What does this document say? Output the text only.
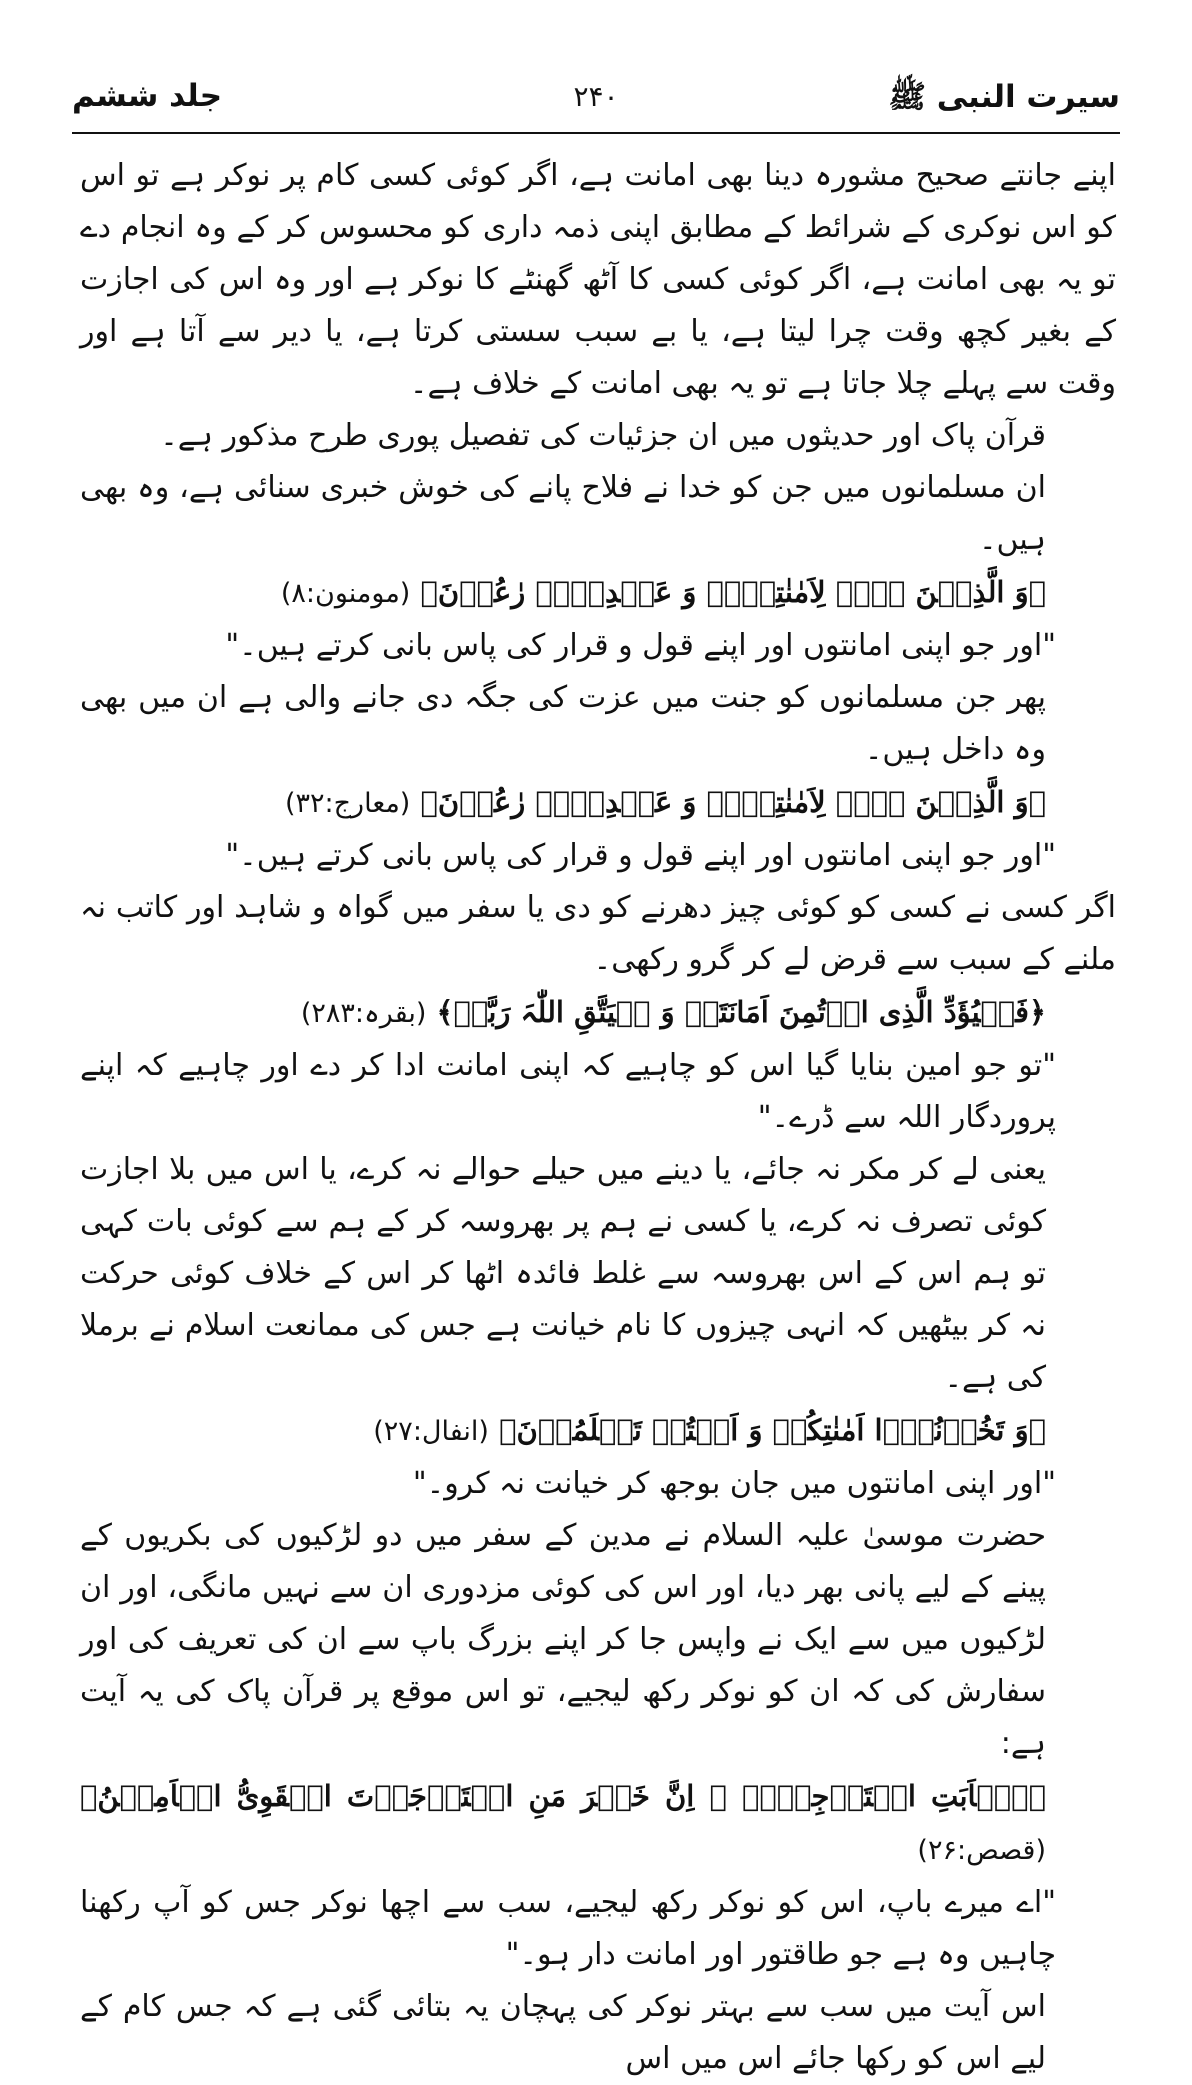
سیرت النبی ﷺ
۲۴۰
جلد ششم

اپنے جانتے صحیح مشورہ دینا بھی امانت ہے، اگر کوئی کسی کام پر نوکر ہے تو اس کو اس نوکری کے شرائط کے مطابق اپنی ذمہ داری کو محسوس کر کے وہ انجام دے تو یہ بھی امانت ہے، اگر کوئی کسی کا آٹھ گھنٹے کا نوکر ہے اور وہ اس کی اجازت کے بغیر کچھ وقت چرا لیتا ہے، یا بے سبب سستی کرتا ہے، یا دیر سے آتا ہے اور وقت سے پہلے چلا جاتا ہے تو یہ بھی امانت کے خلاف ہے۔

قرآن پاک اور حدیثوں میں ان جزئیات کی تفصیل پوری طرح مذکور ہے۔

ان مسلمانوں میں جن کو خدا نے فلاح پانے کی خوش خبری سنائی ہے، وہ بھی ہیں۔

﴿وَ الَّذِیۡنَ ہُمۡ لِاَمٰنٰتِہِمۡ وَ عَہۡدِہِمۡ رٰعُوۡنَ﴾ (مومنون:۸)

"اور جو اپنی امانتوں اور اپنے قول و قرار کی پاس بانی کرتے ہیں۔"

پھر جن مسلمانوں کو جنت میں عزت کی جگہ دی جانے والی ہے ان میں بھی وہ داخل ہیں۔

﴿وَ الَّذِیۡنَ ہُمۡ لِاَمٰنٰتِہِمۡ وَ عَہۡدِہِمۡ رٰعُوۡنَ﴾ (معارج:۳۲)

"اور جو اپنی امانتوں اور اپنے قول و قرار کی پاس بانی کرتے ہیں۔"

اگر کسی نے کسی کو کوئی چیز دھرنے کو دی یا سفر میں گواہ و شاہد اور کاتب نہ ملنے کے سبب سے قرض لے کر گرو رکھی۔

﴿فَلۡیُؤَدِّ الَّذِی اؤۡتُمِنَ اَمَانَتَہٗ وَ لۡیَتَّقِ اللّٰہَ رَبَّہٗ﴾ (بقرہ:۲۸۳)

"تو جو امین بنایا گیا اس کو چاہیے کہ اپنی امانت ادا کر دے اور چاہیے کہ اپنے پروردگار اللہ سے ڈرے۔"

یعنی لے کر مکر نہ جائے، یا دینے میں حیلے حوالے نہ کرے، یا اس میں بلا اجازت کوئی تصرف نہ کرے، یا کسی نے ہم پر بھروسہ کر کے ہم سے کوئی بات کہی تو ہم اس کے اس بھروسہ سے غلط فائدہ اٹھا کر اس کے خلاف کوئی حرکت نہ کر بیٹھیں کہ انہی چیزوں کا نام خیانت ہے جس کی ممانعت اسلام نے برملا کی ہے۔

﴿وَ تَخُوۡنُوۡۤا اَمٰنٰتِکُمۡ وَ اَنۡتُمۡ تَعۡلَمُوۡنَ﴾ (انفال:۲۷)

"اور اپنی امانتوں میں جان بوجھ کر خیانت نہ کرو۔"

حضرت موسیٰ علیہ السلام نے مدین کے سفر میں دو لڑکیوں کی بکریوں کے پینے کے لیے پانی بھر دیا، اور اس کی کوئی مزدوری ان سے نہیں مانگی، اور ان لڑکیوں میں سے ایک نے واپس جا کر اپنے بزرگ باپ سے ان کی تعریف کی اور سفارش کی کہ ان کو نوکر رکھ لیجیے، تو اس موقع پر قرآن پاک کی یہ آیت ہے:

﴿یٰۤاَبَتِ اسۡتَاۡجِرۡہُ ۫ اِنَّ خَیۡرَ مَنِ اسۡتَاۡجَرۡتَ الۡقَوِیُّ الۡاَمِیۡنُ﴾ (قصص:۲۶)

"اے میرے باپ، اس کو نوکر رکھ لیجیے، سب سے اچھا نوکر جس کو آپ رکھنا چاہیں وہ ہے جو طاقتور اور امانت دار ہو۔"

اس آیت میں سب سے بہتر نوکر کی پہچان یہ بتائی گئی ہے کہ جس کام کے لیے اس کو رکھا جائے اس میں اس
